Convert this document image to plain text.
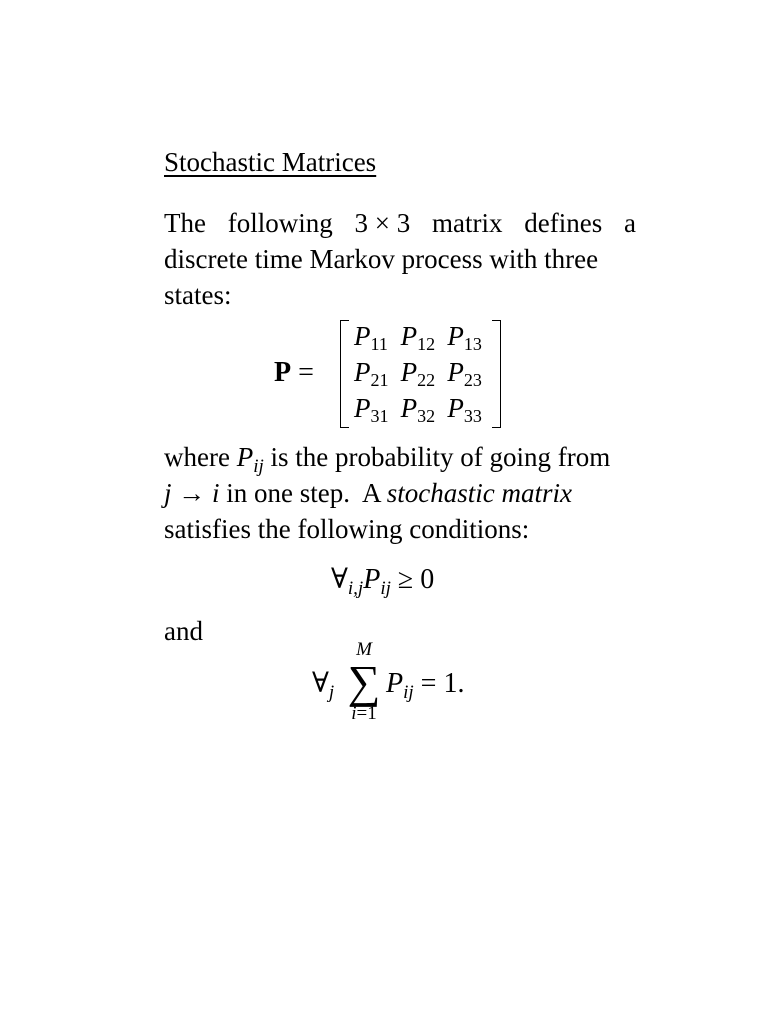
Stochastic Matrices
The following 3 × 3 matrix defines a
discrete time Markov process with three
states:
P =
$P_{11}$ $P_{12}$ $P_{13}$
$P_{21}$ $P_{22}$ $P_{23}$
$P_{31}$ $P_{32}$ $P_{33}$
where $P_{ij}$ is the probability of going from
j → i in one step.  A stochastic matrix
satisfies the following conditions:
$\forall_{i,j}P_{ij} \ge 0$
and
$\forall_j$
M
∑
i=1
$P_{ij} = 1$.
